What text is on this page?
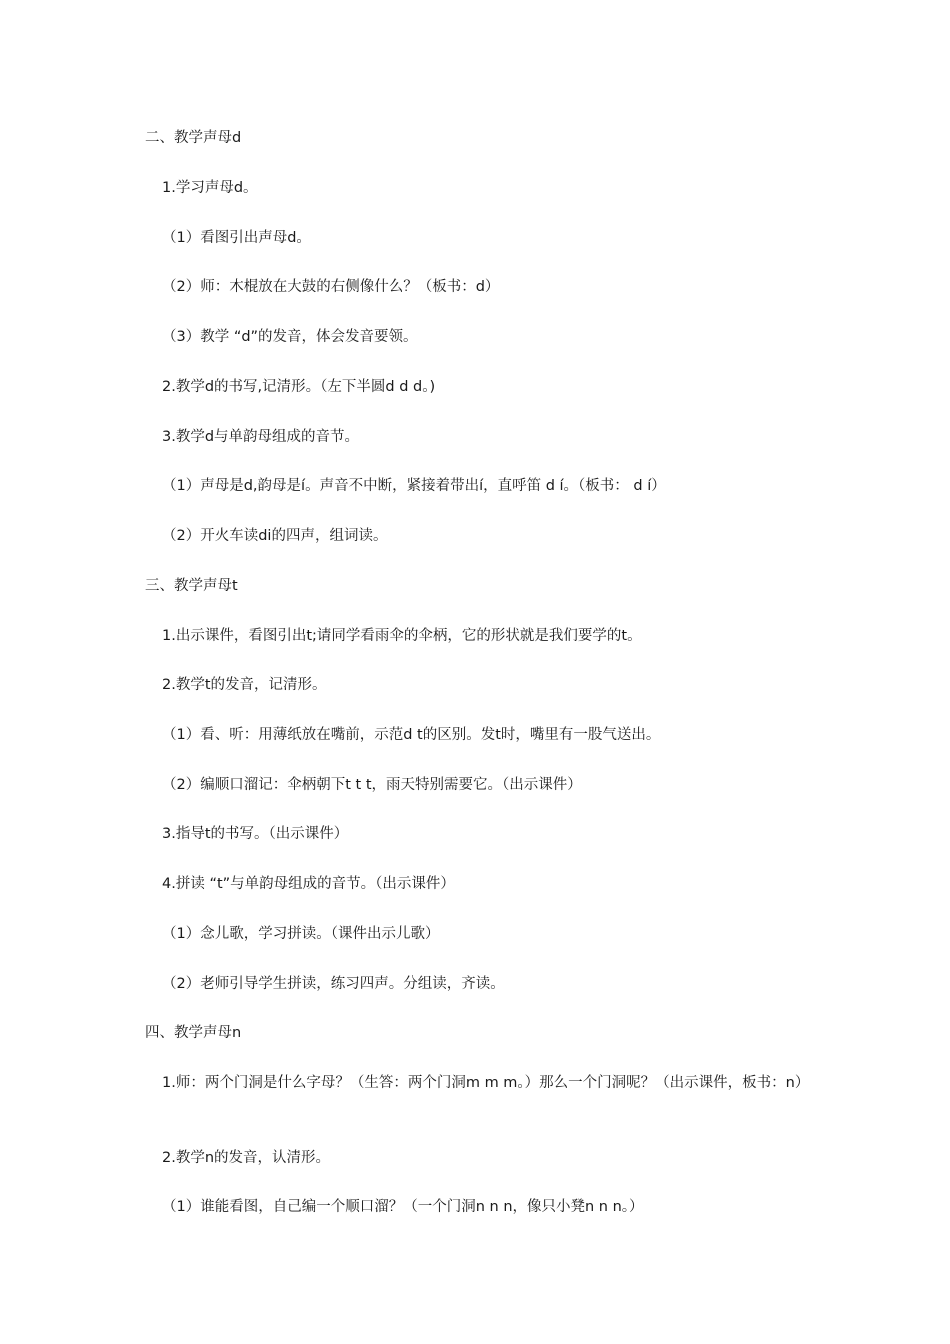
二、教学声母d
1.学习声母d。
（1）看图引出声母d。
（2）师：木棍放在大鼓的右侧像什么？（板书：d）
（3）教学 “d”的发音，体会发音要领。
2.教学d的书写,记清形。（左下半圆d d d。)
3.教学d与单韵母组成的音节。
（1）声母是d,韵母是í。声音不中断，紧接着带出í，直呼笛 d í。（板书： d í）
（2）开火车读di的四声，组词读。
三、教学声母t
1.出示课件，看图引出t;请同学看雨伞的伞柄，它的形状就是我们要学的t。
2.教学t的发音，记清形。
（1）看、听：用薄纸放在嘴前，示范d t的区别。发t时，嘴里有一股气送出。
（2）编顺口溜记：伞柄朝下t t t，雨天特别需要它。（出示课件）
3.指导t的书写。（出示课件）
4.拼读 “t”与单韵母组成的音节。（出示课件）
（1）念儿歌，学习拼读。（课件出示儿歌）
（2）老师引导学生拼读，练习四声。分组读，齐读。
四、教学声母n
1.师：两个门洞是什么字母？（生答：两个门洞m m m。）那么一个门洞呢？（出示课件，板书：n）
2.教学n的发音，认清形。
（1）谁能看图，自己编一个顺口溜？（一个门洞n n n，像只小凳n n n。）
